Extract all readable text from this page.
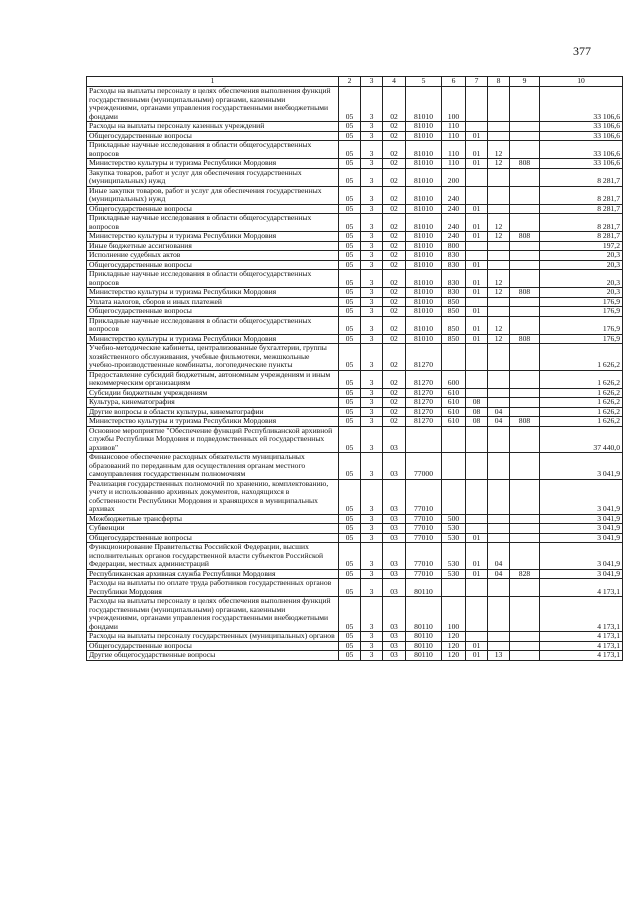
377
1	2	3	4	5	6	7	8	9	10
Расходы на выплаты персоналу в целях обеспечения выполнения функций государственными (муниципальными) органами, казенными учреждениями, органами управления государственными внебюджетными фондами	05	3	02	81010	100				33 106,6
Расходы на выплаты персоналу казенных учреждений	05	3	02	81010	110				33 106,6
Общегосударственные вопросы	05	3	02	81010	110	01			33 106,6
Прикладные научные исследования в области общегосударственных вопросов	05	3	02	81010	110	01	12		33 106,6
Министерство культуры и туризма Республики Мордовия	05	3	02	81010	110	01	12	808	33 106,6
Закупка товаров, работ и услуг для обеспечения государственных (муниципальных) нужд	05	3	02	81010	200				8 281,7
Иные закупки товаров, работ и услуг для обеспечения государственных (муниципальных) нужд	05	3	02	81010	240				8 281,7
Общегосударственные вопросы	05	3	02	81010	240	01			8 281,7
Прикладные научные исследования в области общегосударственных вопросов	05	3	02	81010	240	01	12		8 281,7
Министерство культуры и туризма Республики Мордовия	05	3	02	81010	240	01	12	808	8 281,7
Иные бюджетные ассигнования	05	3	02	81010	800				197,2
Исполнение судебных актов	05	3	02	81010	830				20,3
Общегосударственные вопросы	05	3	02	81010	830	01			20,3
Прикладные научные исследования в области общегосударственных вопросов	05	3	02	81010	830	01	12		20,3
Министерство культуры и туризма Республики Мордовия	05	3	02	81010	830	01	12	808	20,3
Уплата налогов, сборов и иных платежей	05	3	02	81010	850				176,9
Общегосударственные вопросы	05	3	02	81010	850	01			176,9
Прикладные научные исследования в области общегосударственных вопросов	05	3	02	81010	850	01	12		176,9
Министерство культуры и туризма Республики Мордовия	05	3	02	81010	850	01	12	808	176,9
Учебно-методические кабинеты, централизованные бухгалтерии, группы хозяйственного обслуживания, учебные фильмотеки, межшкольные учебно-производственные комбинаты, логопедические пункты	05	3	02	81270					1 626,2
Предоставление субсидий бюджетным, автономным учреждениям и иным некоммерческим организациям	05	3	02	81270	600				1 626,2
Субсидии бюджетным учреждениям	05	3	02	81270	610				1 626,2
Культура, кинематография	05	3	02	81270	610	08			1 626,2
Другие вопросы в области культуры, кинематографии	05	3	02	81270	610	08	04		1 626,2
Министерство культуры и туризма Республики Мордовия	05	3	02	81270	610	08	04	808	1 626,2
Основное мероприятие "Обеспечение функций Республиканской архивной службы Республики Мордовия и подведомственных ей государственных архивов"	05	3	03						37 440,0
Финансовое обеспечение расходных обязательств муниципальных образований по переданным для осуществления органам местного самоуправления государственным полномочиям	05	3	03	77000					3 041,9
Реализация государственных полномочий по хранению, комплектованию, учету и использованию архивных документов, находящихся в собственности Республики Мордовия и хранящихся в муниципальных архивах	05	3	03	77010					3 041,9
Межбюджетные трансферты	05	3	03	77010	500				3 041,9
Субвенции	05	3	03	77010	530				3 041,9
Общегосударственные вопросы	05	3	03	77010	530	01			3 041,9
Функционирование Правительства Российской Федерации, высших исполнительных органов государственной власти субъектов Российской Федерации, местных администраций	05	3	03	77010	530	01	04		3 041,9
Республиканская архивная служба Республики Мордовия	05	3	03	77010	530	01	04	828	3 041,9
Расходы на выплаты по оплате труда работников государственных органов Республики Мордовия	05	3	03	80110					4 173,1
Расходы на выплаты персоналу в целях обеспечения выполнения функций государственными (муниципальными) органами, казенными учреждениями, органами управления государственными внебюджетными фондами	05	3	03	80110	100				4 173,1
Расходы на выплаты персоналу государственных (муниципальных) органов	05	3	03	80110	120				4 173,1
Общегосударственные вопросы	05	3	03	80110	120	01			4 173,1
Другие общегосударственные вопросы	05	3	03	80110	120	01	13		4 173,1
